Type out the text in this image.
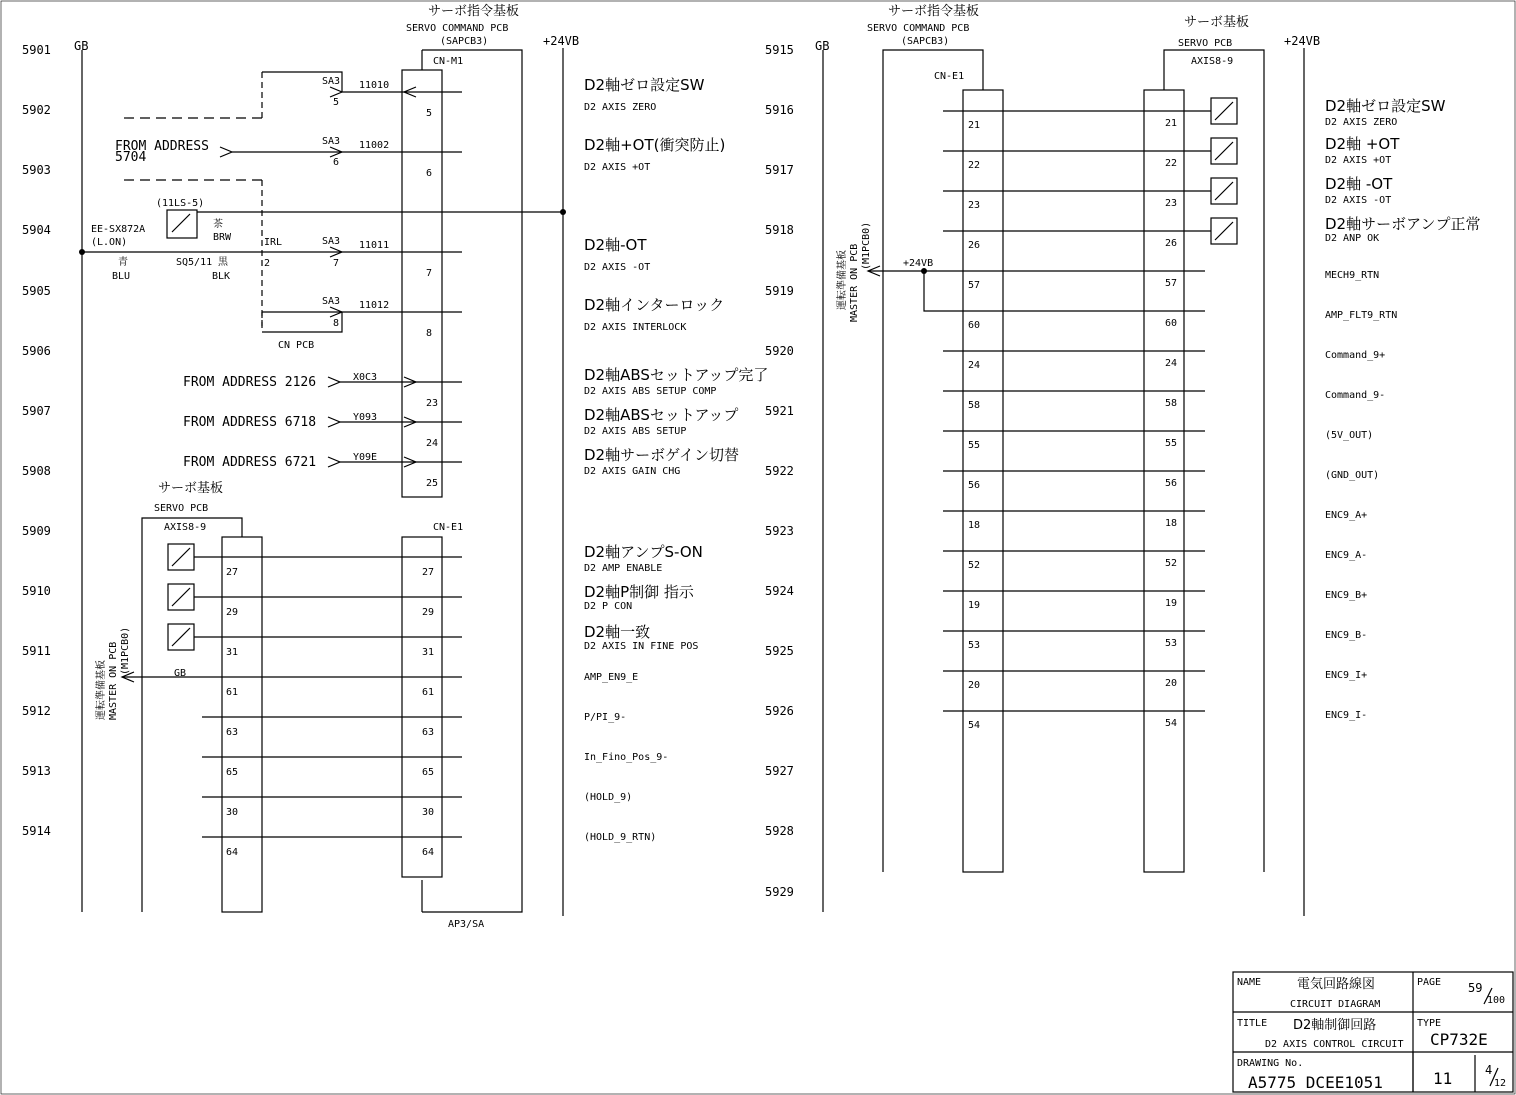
5901
5902
5903
5904
5905
5906
5907
5908
5909
5910
5911
5912
5913
5914
GB	+24VB
サーボ指令基板
SERVO COMMAND PCB
(SAPCB3)
AP3/SA
CN-M1
CN-E1
SA3
5
11010
5
FROM ADDRESS
5704
SA3
6
11002
6
(11LS-5)
EE-SX872A
(L.ON)
茶
BRW
SQ5/11
青
BLU
黒
BLK
IRL
2
SA3
7
11011
7
SA3
8
11012
8
CN PCB
FROM ADDRESS 2126
FROM ADDRESS 6718
FROM ADDRESS 6721
X0C3
Y093
Y09E
23
24
25
サーボ基板
SERVO PCB
AXIS8-9
GB
27
29
31
61
63
65
30
64
27
29
31
61
63
65
30
64
運転準備基板 MASTER ON PCB (M1PCB0)
D2軸ゼロ設定SW
D2 AXIS ZERO
D2軸+OT(衝突防止)
D2 AXIS +OT
D2軸-OT
D2 AXIS -OT
D2軸インターロック
D2 AXIS INTERLOCK
D2軸ABSセットアップ完了
D2 AXIS ABS SETUP COMP
D2軸ABSセットアップ
D2 AXIS ABS SETUP
D2軸サーボゲイン切替
D2 AXIS GAIN CHG
D2軸アンプS-ON
D2 AMP ENABLE
D2軸P制御 指示
D2 P CON
D2軸一致
D2 AXIS IN FINE POS
AMP_EN9_E
P/PI_9-
In_Fino_Pos_9-
(HOLD_9)
(HOLD_9_RTN)
5915
5916
5917
5918
5919
5920
5921
5922
5923
5924
5925
5926
5927
5928
5929
GB	+24VB
サーボ指令基板
SERVO COMMAND PCB
(SAPCB3)
CN-E1
サーボ基板
SERVO PCB
AXIS8-9
+24VB
運転準備基板 MASTER ON PCB (M1PCB0)
21
22
23
26
57
60
24
58
55
56
18
52
19
53
20
54
21
22
23
26
57
60
24
58
55
56
18
52
19
53
20
54
D2軸ゼロ設定SW
D2 AXIS ZERO
D2軸 +OT
D2 AXIS +OT
D2軸 -OT
D2 AXIS -OT
D2軸サーボアンプ正常
D2 ANP OK
MECH9_RTN
AMP_FLT9_RTN
Command_9+
Command_9-
(5V_OUT)
(GND_OUT)
ENC9_A+
ENC9_A-
ENC9_B+
ENC9_B-
ENC9_I+
ENC9_I-
NAME	電気回路線図
CIRCUIT DIAGRAM
PAGE 59
100
TITLE D2軸制御回路
D2 AXIS CONTROL CIRCUIT
TYPE
CP732E
DRAWING No.
A5775 DCEE1051	11	4
12
